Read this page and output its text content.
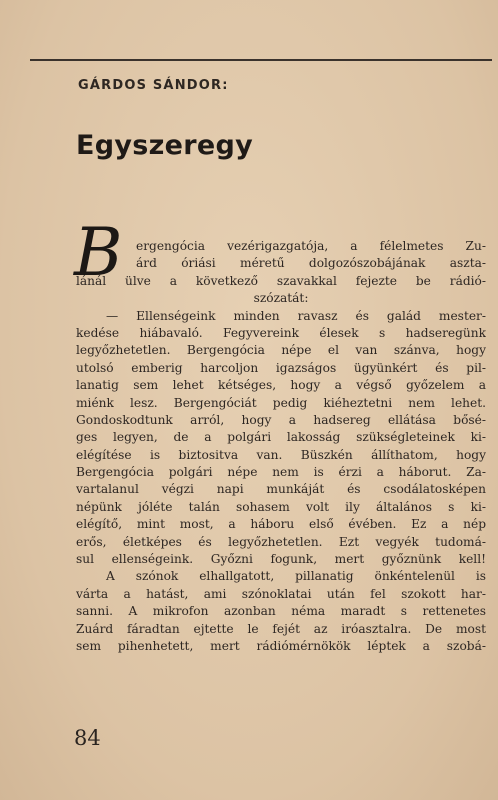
GÁRDOS SÁNDOR:
Egyszeregy
B	ergengócia vezérigazgatója, a félelmetes Zu-
árd óriási méretű dolgozószobájának aszta-
lánál ülve a következő szavakkal fejezte be rádió-
szózatát:
— Ellenségeink minden ravasz és galád mester-
kedése hiábavaló. Fegyvereink élesek s hadseregünk
legyőzhetetlen. Bergengócia népe el van szánva, hogy
utolsó emberig harcoljon igazságos ügyünkért és pil-
lanatig sem lehet kétséges, hogy a végső győzelem a
miénk lesz. Bergengóciát pedig kiéheztetni nem lehet.
Gondoskodtunk arról, hogy a hadsereg ellátása bősé-
ges legyen, de a polgári lakosság szükségleteinek ki-
elégítése is biztositva van. Büszkén állíthatom, hogy
Bergengócia polgári népe nem is érzi a háborut. Za-
vartalanul végzi napi munkáját és csodálatosképen
népünk jóléte talán sohasem volt ily általános s ki-
elégítő, mint most, a háboru első évében. Ez a nép
erős, életképes és legyőzhetetlen. Ezt vegyék tudomá-
sul ellenségeink. Győzni fogunk, mert győznünk kell!
A szónok elhallgatott, pillanatig önkéntelenül is
várta a hatást, ami szónoklatai után fel szokott har-
sanni. A mikrofon azonban néma maradt s rettenetes
Zuárd fáradtan ejtette le fejét az iróasztalra. De most
sem pihenhetett, mert rádiómérnökök léptek a szobá-
84
